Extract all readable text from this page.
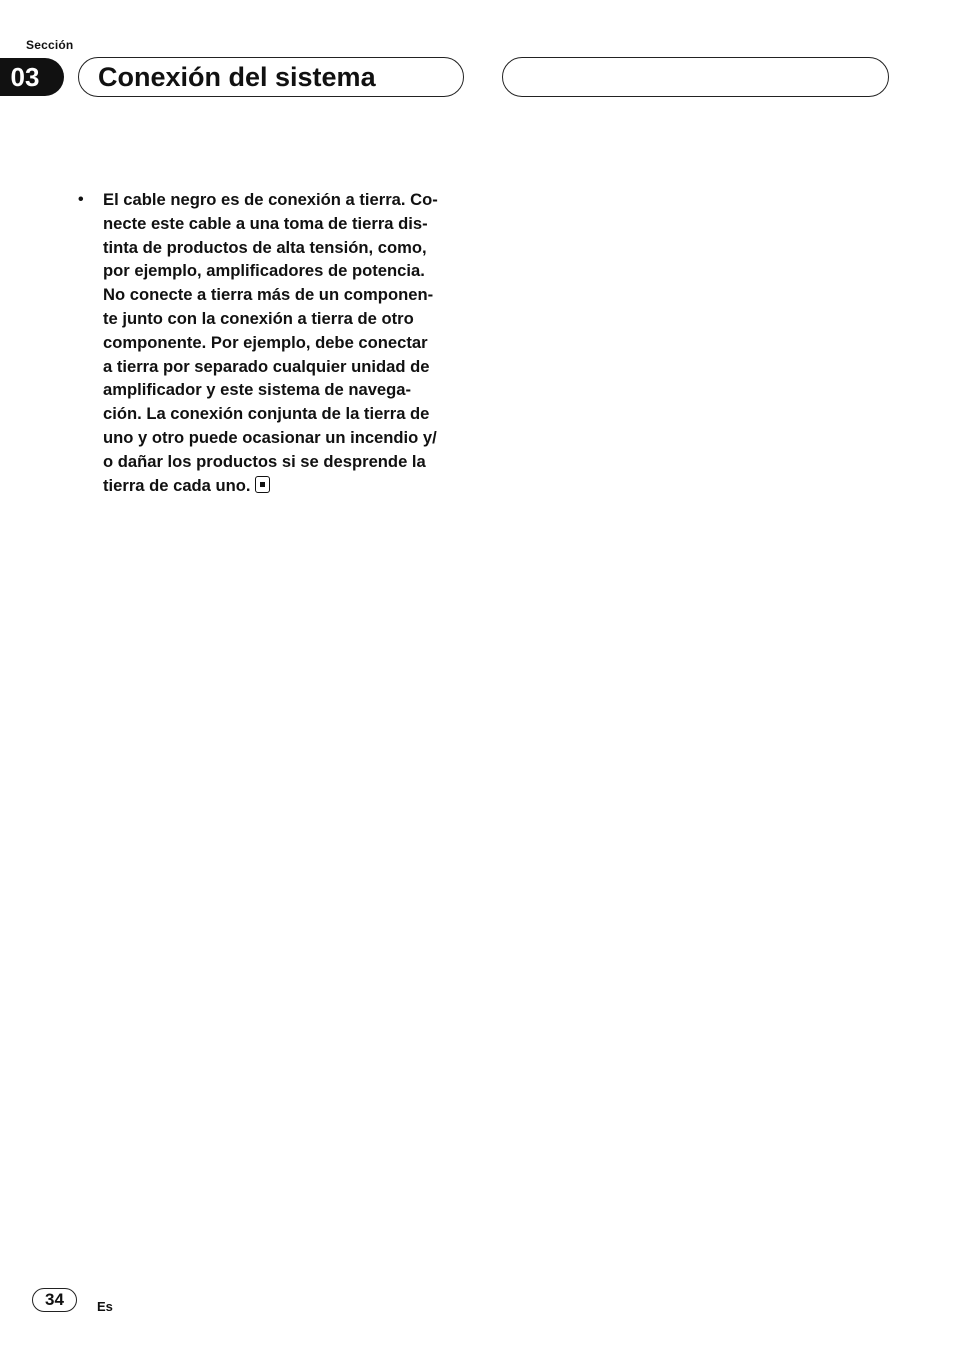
Sección
03	Conexión del sistema
•	El cable negro es de conexión a tierra. Co-
necte este cable a una toma de tierra dis-
tinta de productos de alta tensión, como,
por ejemplo, amplificadores de potencia.
No conecte a tierra más de un componen-
te junto con la conexión a tierra de otro
componente. Por ejemplo, debe conectar
a tierra por separado cualquier unidad de
amplificador y este sistema de navega-
ción. La conexión conjunta de la tierra de
uno y otro puede ocasionar un incendio y/
o dañar los productos si se desprende la
tierra de cada uno.
34	Es
